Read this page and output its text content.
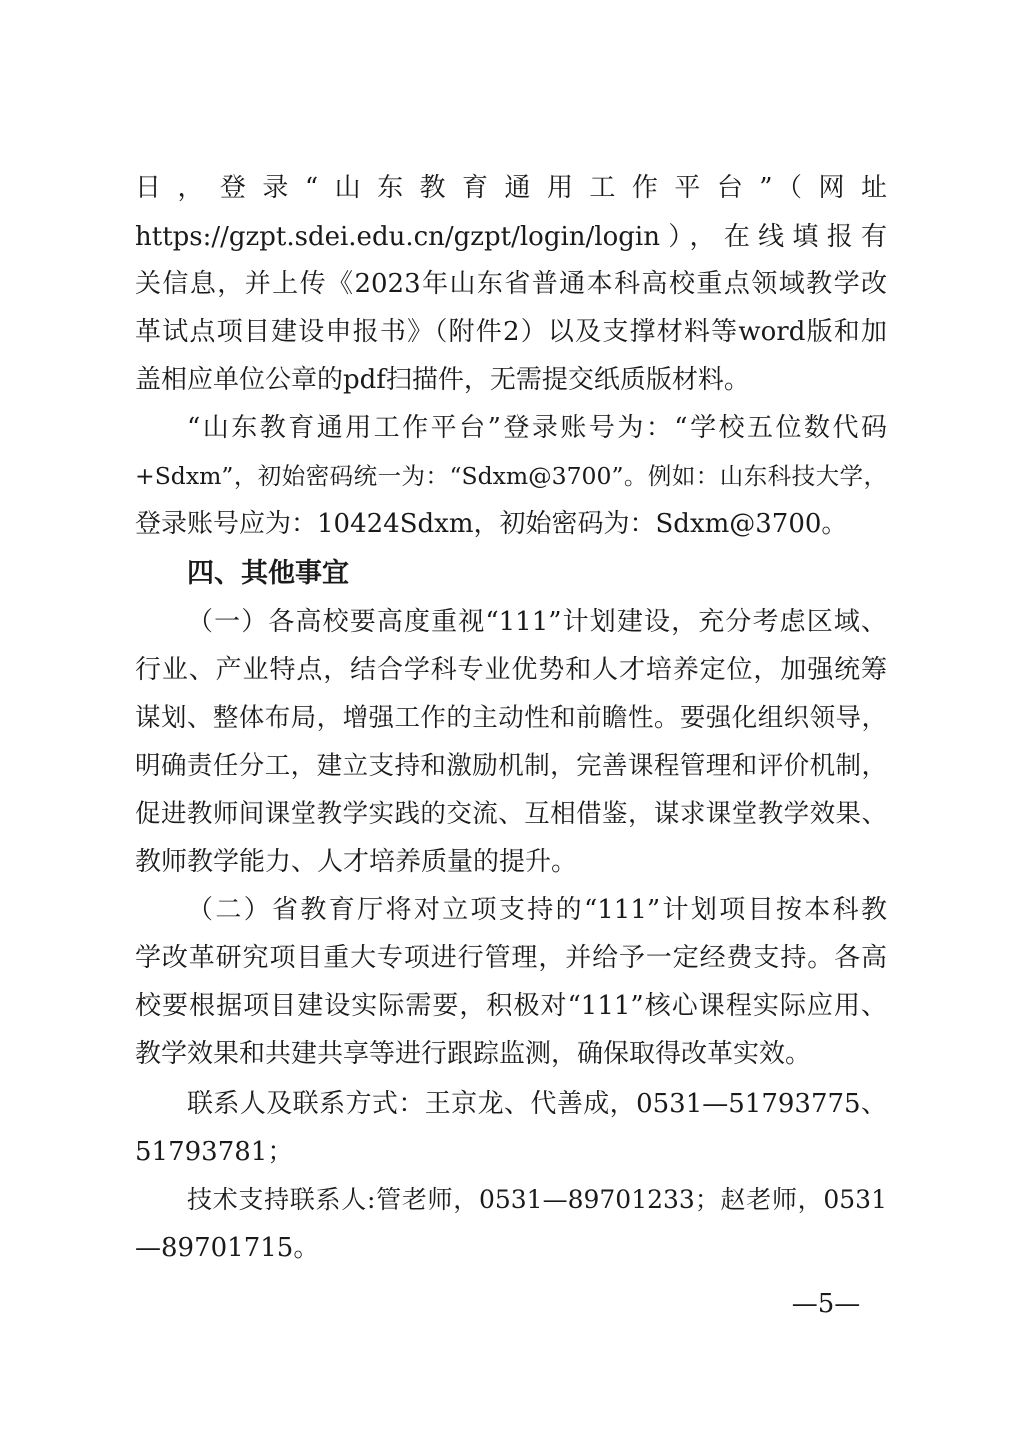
日，登录“山东教育通用工作平台”（网址
https://gzpt.sdei.edu.cn/gzpt/login/login），在线填报有
关信息，并上传《2023年山东省普通本科高校重点领域教学改
革试点项目建设申报书》（附件2）以及支撑材料等word版和加
盖相应单位公章的pdf扫描件，无需提交纸质版材料。
“山东教育通用工作平台”登录账号为：“学校五位数代码
+Sdxm”，初始密码统一为：“Sdxm@3700”。例如：山东科技大学，
登录账号应为：10424Sdxm，初始密码为：Sdxm@3700。
四、其他事宜
（一）各高校要高度重视“111”计划建设，充分考虑区域、
行业、产业特点，结合学科专业优势和人才培养定位，加强统筹
谋划、整体布局，增强工作的主动性和前瞻性。要强化组织领导，
明确责任分工，建立支持和激励机制，完善课程管理和评价机制，
促进教师间课堂教学实践的交流、互相借鉴，谋求课堂教学效果、
教师教学能力、人才培养质量的提升。
（二）省教育厅将对立项支持的“111”计划项目按本科教
学改革研究项目重大专项进行管理，并给予一定经费支持。各高
校要根据项目建设实际需要，积极对“111”核心课程实际应用、
教学效果和共建共享等进行跟踪监测，确保取得改革实效。
联系人及联系方式：王京龙、代善成，0531—51793775、
51793781；
技术支持联系人:管老师，0531—89701233；赵老师，0531
—89701715。
—5—
